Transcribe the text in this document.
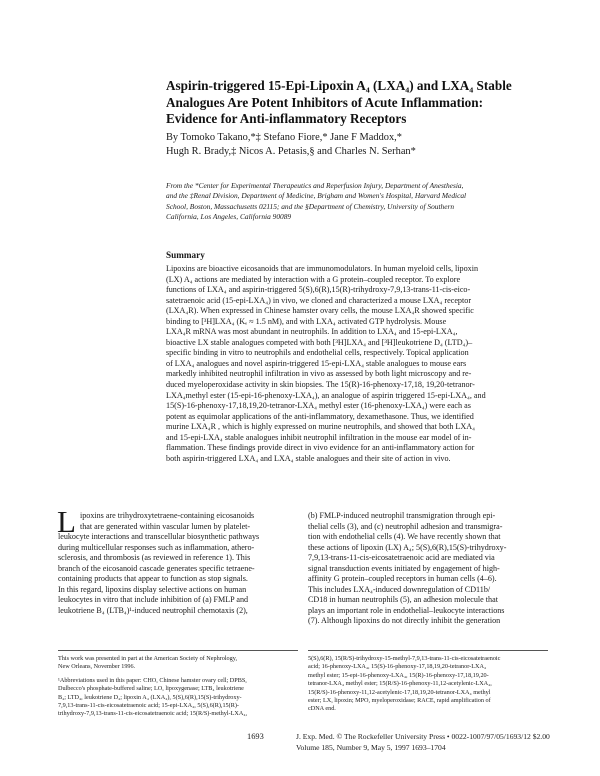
Aspirin-triggered 15-Epi-Lipoxin A₄ (LXA₄) and LXA₄ Stable
Analogues Are Potent Inhibitors of Acute Inflammation:
Evidence for Anti-inflammatory Receptors
By Tomoko Takano,*‡ Stefano Fiore,* Jane F Maddox,*
Hugh R. Brady,‡ Nicos A. Petasis,§ and Charles N. Serhan*
From the *Center for Experimental Therapeutics and Reperfusion Injury, Department of Anesthesia,
and the ‡Renal Division, Department of Medicine, Brigham and Women's Hospital, Harvard Medical
School, Boston, Massachusetts 02115; and the §Department of Chemistry, University of Southern
California, Los Angeles, California 90089
Summary
Lipoxins are bioactive eicosanoids that are immunomodulators. In human myeloid cells, lipoxin
(LX) A₄ actions are mediated by interaction with a G protein–coupled receptor. To explore
functions of LXA₄ and aspirin-triggered 5(S),6(R),15(R)-trihydroxy-7,9,13-trans-11-cis-eico-
satetraenoic acid (15-epi-LXA₄) in vivo, we cloned and characterized a mouse LXA₄ receptor
(LXA₄R). When expressed in Chinese hamster ovary cells, the mouse LXA₄R showed specific
binding to [³H]LXA₄ (Kₑ ≈ 1.5 nM), and with LXA₄ activated GTP hydrolysis. Mouse
LXA₄R mRNA was most abundant in neutrophils. In addition to LXA₄ and 15-epi-LXA₄,
bioactive LX stable analogues competed with both [³H]LXA₄ and [³H]leukotriene D₄ (LTD₄)–
specific binding in vitro to neutrophils and endothelial cells, respectively. Topical application
of LXA₄ analogues and novel aspirin-triggered 15-epi-LXA₄ stable analogues to mouse ears
markedly inhibited neutrophil infiltration in vivo as assessed by both light microscopy and re-
duced myeloperoxidase activity in skin biopsies. The 15(R)-16-phenoxy-17,18, 19,20-tetranor-
LXA₄methyl ester (15-epi-16-phenoxy-LXA₄), an analogue of aspirin triggered 15-epi-LXA₄, and
15(S)-16-phenoxy-17,18,19,20-tetranor-LXA₄ methyl ester (16-phenoxy-LXA₄) were each as
potent as equimolar applications of the anti-inflammatory, dexamethasone. Thus, we identified
murine LXA₄R , which is highly expressed on murine neutrophils, and showed that both LXA₄
and 15-epi-LXA₄ stable analogues inhibit neutrophil infiltration in the mouse ear model of in-
flammation. These findings provide direct in vivo evidence for an anti-inflammatory action for
both aspirin-triggered LXA₄ and LXA₄ stable analogues and their site of action in vivo.
L ipoxins are trihydroxytetraene-containing eicosanoids
that are generated within vascular lumen by platelet-
leukocyte interactions and transcellular biosynthetic pathways
during multicellular responses such as inflammation, athero-
sclerosis, and thrombosis (as reviewed in reference 1). This
branch of the eicosanoid cascade generates specific tetraene-
containing products that appear to function as stop signals.
In this regard, lipoxins display selective actions on human
leukocytes in vitro that include inhibition of (a) FMLP and
leukotriene B₄ (LTB₄)¹-induced neutrophil chemotaxis (2),
(b) FMLP-induced neutrophil transmigration through epi-
thelial cells (3), and (c) neutrophil adhesion and transmigra-
tion with endothelial cells (4). We have recently shown that
these actions of lipoxin (LX) A₄; 5(S),6(R),15(S)-trihydroxy-
7,9,13-trans-11-cis-eicosatetraenoic acid are mediated via
signal transduction events initiated by engagement of high-
affinity G protein–coupled receptors in human cells (4–6).
This includes LXA₄-induced downregulation of CD11b/
CD18 in human neutrophils (5), an adhesion molecule that
plays an important role in endothelial–leukocyte interactions
(7). Although lipoxins do not directly inhibit the generation
This work was presented in part at the American Society of Nephrology,
New Orleans, November 1996.
¹Abbreviations used in this paper: CHO, Chinese hamster ovary cell; DPBS,
Dulbecco's phosphate-buffered saline; LO, lipoxygenase; LTB₄ leukotriene
B₄; LTD₄, leukotriene D₄; lipoxin A₄ (LXA₄), 5(S),6(R),15(S)-trihydroxy-
7,9,13-trans-11-cis-eicosatetraenoic acid; 15-epi-LXA₄, 5(S),6(R),15(R)-
trihydroxy-7,9,13-trans-11-cis-eicosatetraenoic acid; 15(R/S)-methyl-LXA₄,
5(S),6(R), 15(R/S)-trihydroxy-15-methyl-7,9,13-trans-11-cis-eicosatetraenoic
acid; 16-phenoxy-LXA₄, 15(S)-16-phenoxy-17,18,19,20-tetranor-LXA₄
methyl ester; 15-epi-16-phenoxy-LXA₄, 15(R)-16-phenoxy-17,18,19,20-
tetranor-LXA₄ methyl ester; 15(R/S)-16-phenoxy-11,12-acetylenic-LXA₄,
15(R/S)-16-phenoxy-11,12-acetylenic-17,18,19,20-tetranor-LXA₄ methyl
ester; LX, lipoxin; MPO, myeloperoxidase; RACE, rapid amplification of
cDNA end.
1693	J. Exp. Med. © The Rockefeller University Press • 0022-1007/97/05/1693/12 $2.00
Volume 185, Number 9, May 5, 1997 1693–1704
